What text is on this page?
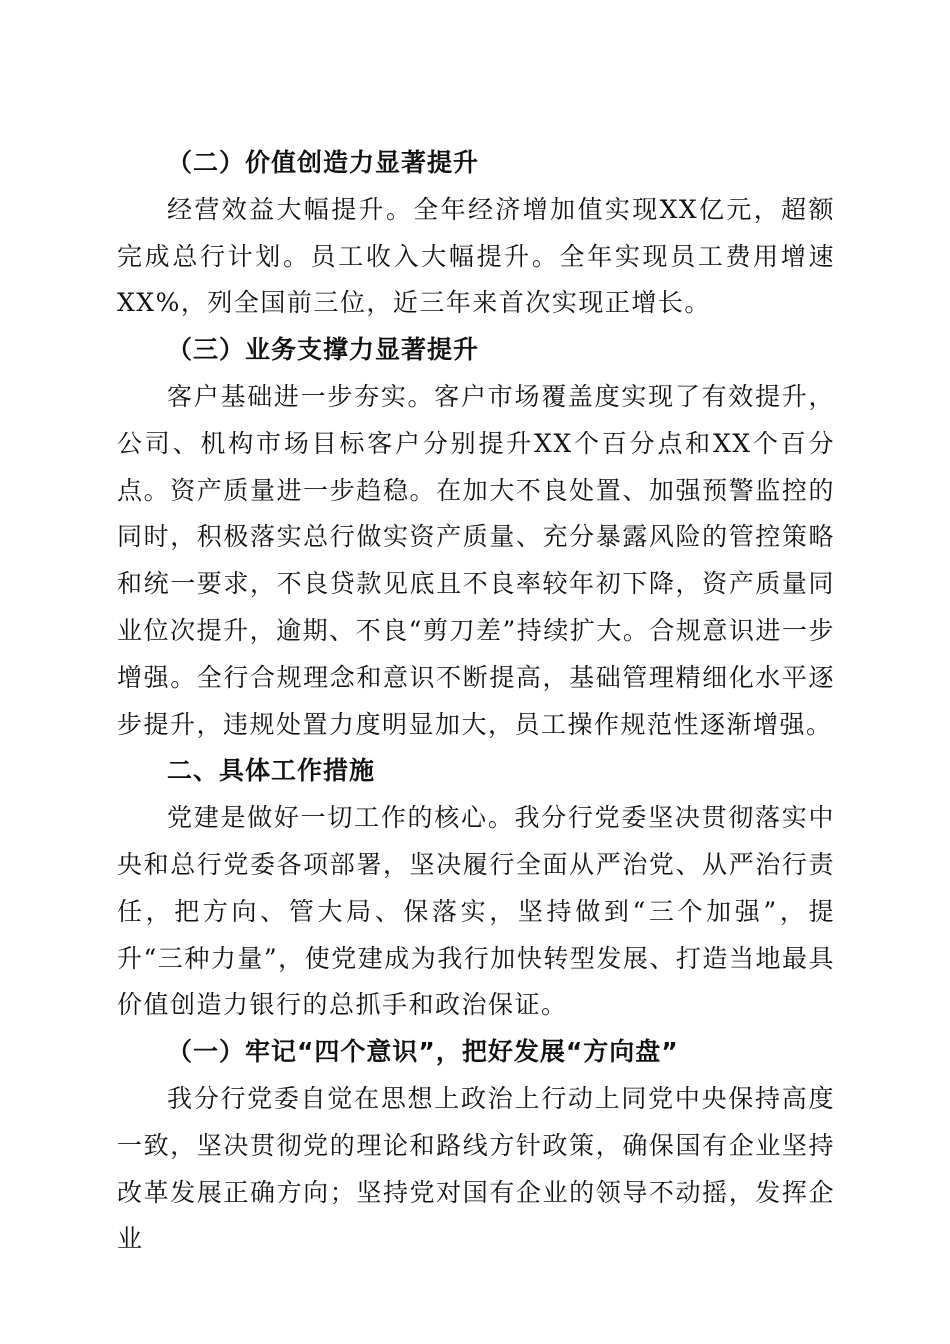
（二）价值创造力显著提升

经营效益大幅提升。全年经济增加值实现XX亿元，超额完成总行计划。员工收入大幅提升。全年实现员工费用增速XX%，列全国前三位，近三年来首次实现正增长。

（三）业务支撑力显著提升

客户基础进一步夯实。客户市场覆盖度实现了有效提升，公司、机构市场目标客户分别提升XX个百分点和XX个百分点。资产质量进一步趋稳。在加大不良处置、加强预警监控的同时，积极落实总行做实资产质量、充分暴露风险的管控策略和统一要求，不良贷款见底且不良率较年初下降，资产质量同业位次提升，逾期、不良“剪刀差”持续扩大。合规意识进一步增强。全行合规理念和意识不断提高，基础管理精细化水平逐步提升，违规处置力度明显加大，员工操作规范性逐渐增强。

二、具体工作措施

党建是做好一切工作的核心。我分行党委坚决贯彻落实中央和总行党委各项部署，坚决履行全面从严治党、从严治行责任，把方向、管大局、保落实，坚持做到“三个加强”，提升“三种力量”，使党建成为我行加快转型发展、打造当地最具价值创造力银行的总抓手和政治保证。

（一）牢记“四个意识”，把好发展“方向盘”

我分行党委自觉在思想上政治上行动上同党中央保持高度一致，坚决贯彻党的理论和路线方针政策，确保国有企业坚持改革发展正确方向；坚持党对国有企业的领导不动摇，发挥企业
